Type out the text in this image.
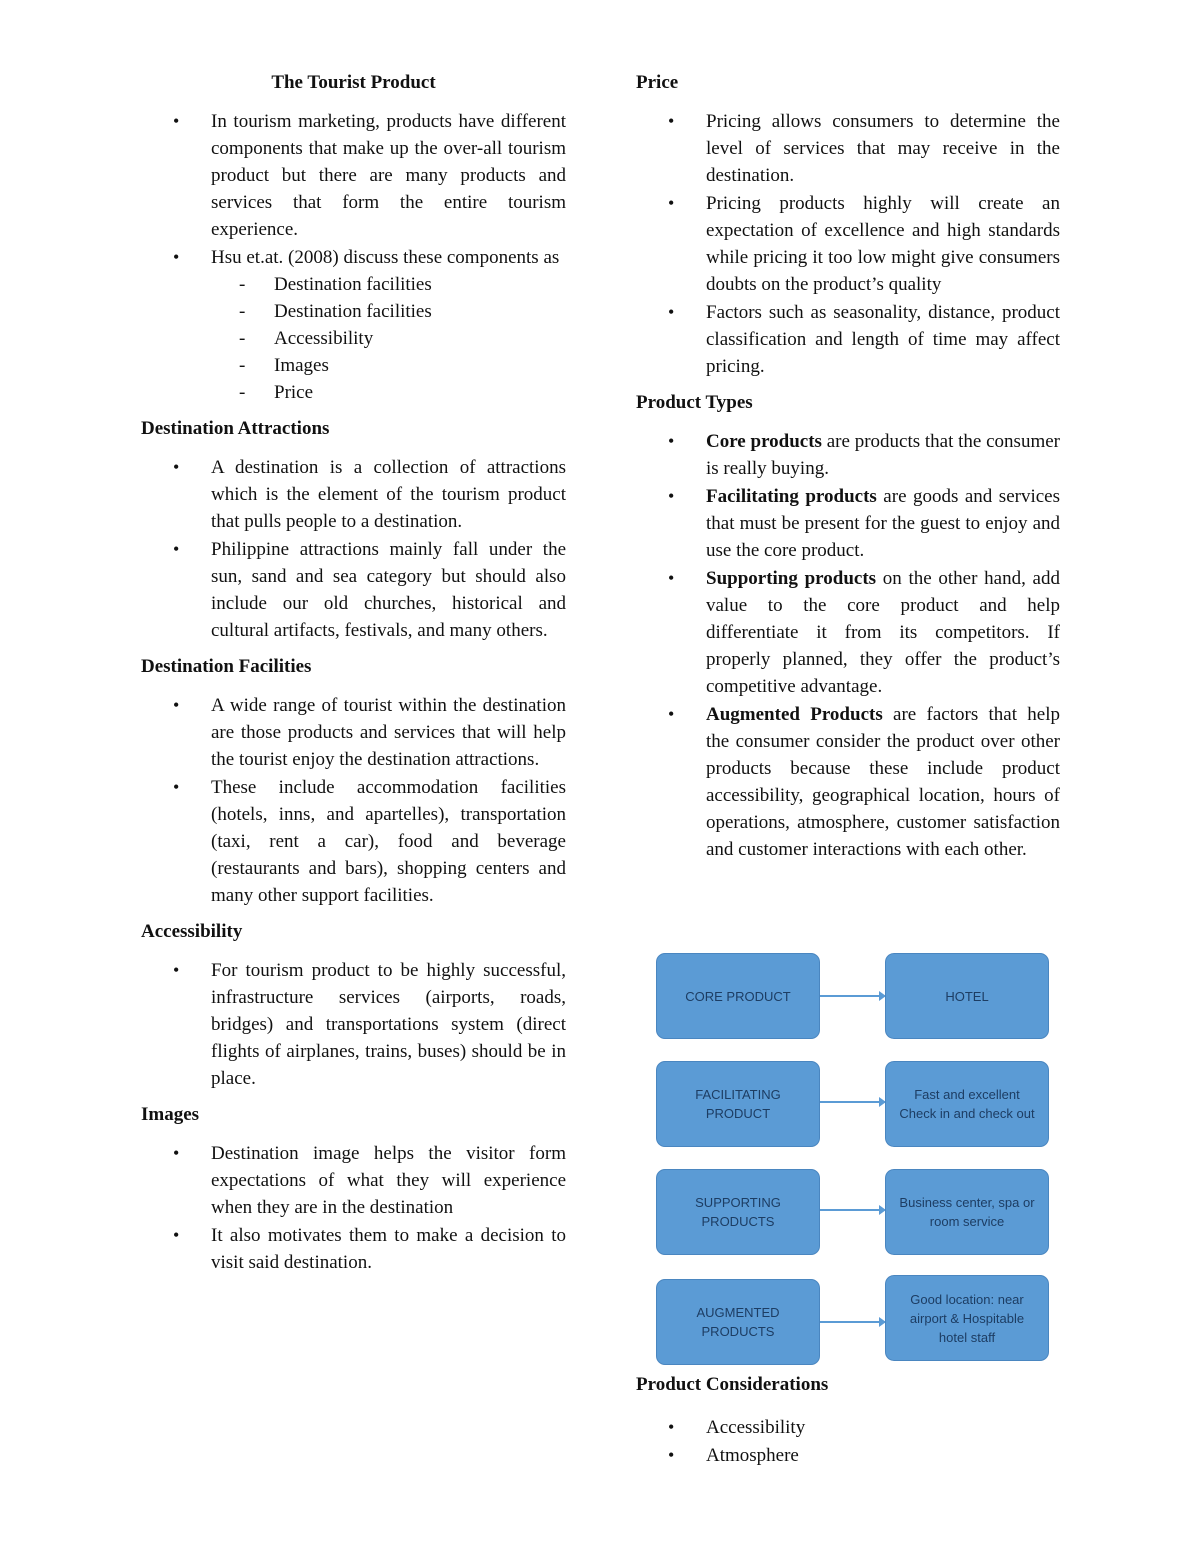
The Tourist Product
• In tourism marketing, products have different components that make up the over-all tourism product but there are many products and services that form the entire tourism experience.
• Hsu et.at. (2008) discuss these components as
- Destination facilities
- Destination facilities
- Accessibility
- Images
- Price
Destination Attractions
• A destination is a collection of attractions which is the element of the tourism product that pulls people to a destination.
• Philippine attractions mainly fall under the sun, sand and sea category but should also include our old churches, historical and cultural artifacts, festivals, and many others.
Destination Facilities
• A wide range of tourist within the destination are those products and services that will help the tourist enjoy the destination attractions.
• These include accommodation facilities (hotels, inns, and apartelles), transportation (taxi, rent a car), food and beverage (restaurants and bars), shopping centers and many other support facilities.
Accessibility
• For tourism product to be highly successful, infrastructure services (airports, roads, bridges) and transportations system (direct flights of airplanes, trains, buses) should be in place.
Images
• Destination image helps the visitor form expectations of what they will experience when they are in the destination
• It also motivates them to make a decision to visit said destination.
Price
• Pricing allows consumers to determine the level of services that may receive in the destination.
• Pricing products highly will create an expectation of excellence and high standards while pricing it too low might give consumers doubts on the product’s quality
• Factors such as seasonality, distance, product classification and length of time may affect pricing.
Product Types
• Core products are products that the consumer is really buying.
• Facilitating products are goods and services that must be present for the guest to enjoy and use the core product.
• Supporting products on the other hand, add value to the core product and help differentiate it from its competitors. If properly planned, they offer the product’s competitive advantage.
• Augmented Products are factors that help the consumer consider the product over other products because these include product accessibility, geographical location, hours of operations, atmosphere, customer satisfaction and customer interactions with each other.
CORE PRODUCT	HOTEL
FACILITATING PRODUCT
Fast and excellent Check in and check out
SUPPORTING PRODUCTS
Business center, spa or room service
AUGMENTED PRODUCTS
Good location: near airport & Hospitable hotel staff
Product Considerations
• Accessibility
• Atmosphere
